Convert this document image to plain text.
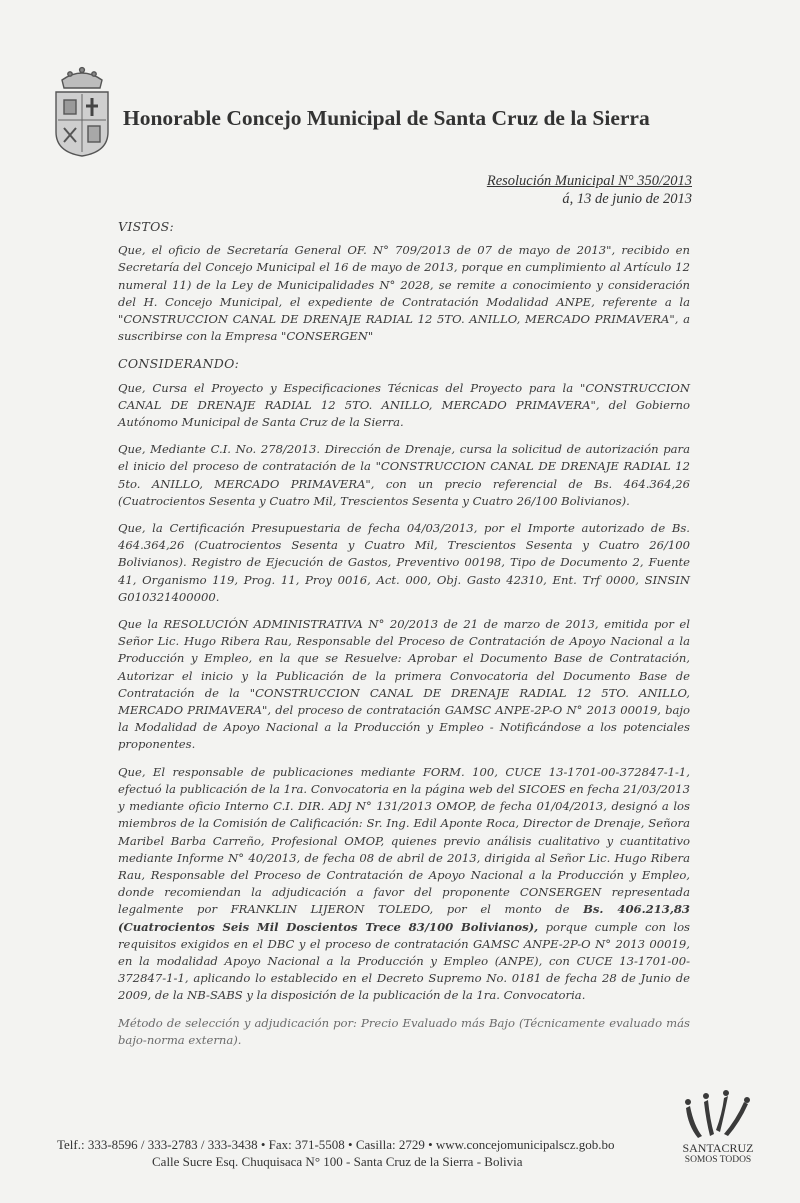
Honorable Concejo Municipal de Santa Cruz de la Sierra
Resolución Municipal N° 350/2013
á, 13 de junio de 2013
VISTOS:

Que, el oficio de Secretaría General OF. N° 709/2013 de 07 de mayo de 2013", recibido en Secretaría del Concejo Municipal el 16 de mayo de 2013, porque en cumplimiento al Artículo 12 numeral 11) de la Ley de Municipalidades N° 2028, se remite a conocimiento y consideración del H. Concejo Municipal, el expediente de Contratación Modalidad ANPE, referente a la "CONSTRUCCION CANAL DE DRENAJE RADIAL 12 5TO. ANILLO, MERCADO PRIMAVERA", a suscribirse con la Empresa "CONSERGEN"

CONSIDERANDO:

Que, Cursa el Proyecto y Especificaciones Técnicas del Proyecto para la "CONSTRUCCION CANAL DE DRENAJE RADIAL 12 5TO. ANILLO, MERCADO PRIMAVERA", del Gobierno Autónomo Municipal de Santa Cruz de la Sierra.

Que, Mediante C.I. No. 278/2013. Dirección de Drenaje, cursa la solicitud de autorización para el inicio del proceso de contratación de la "CONSTRUCCION CANAL DE DRENAJE RADIAL 12 5to. ANILLO, MERCADO PRIMAVERA", con un precio referencial de Bs. 464.364,26 (Cuatrocientos Sesenta y Cuatro Mil, Trescientos Sesenta y Cuatro 26/100 Bolivianos).

Que, la Certificación Presupuestaria de fecha 04/03/2013, por el Importe autorizado de Bs. 464.364,26 (Cuatrocientos Sesenta y Cuatro Mil, Trescientos Sesenta y Cuatro 26/100 Bolivianos). Registro de Ejecución de Gastos, Preventivo 00198, Tipo de Documento 2, Fuente 41, Organismo 119, Prog. 11, Proy 0016, Act. 000, Obj. Gasto 42310, Ent. Trf 0000, SINSIN G010321400000.

Que la RESOLUCIÓN ADMINISTRATIVA N° 20/2013 de 21 de marzo de 2013, emitida por el Señor Lic. Hugo Ribera Rau, Responsable del Proceso de Contratación de Apoyo Nacional a la Producción y Empleo, en la que se Resuelve: Aprobar el Documento Base de Contratación, Autorizar el inicio y la Publicación de la primera Convocatoria del Documento Base de Contratación de la "CONSTRUCCION CANAL DE DRENAJE RADIAL 12 5TO. ANILLO, MERCADO PRIMAVERA", del proceso de contratación GAMSC ANPE-2P-O N° 2013 00019, bajo la Modalidad de Apoyo Nacional a la Producción y Empleo - Notificándose a los potenciales proponentes.

Que, El responsable de publicaciones mediante FORM. 100, CUCE 13-1701-00-372847-1-1, efectuó la publicación de la 1ra. Convocatoria en la página web del SICOES en fecha 21/03/2013 y mediante oficio Interno C.I. DIR. ADJ N° 131/2013 OMOP, de fecha 01/04/2013, designó a los miembros de la Comisión de Calificación: Sr. Ing. Edil Aponte Roca, Director de Drenaje, Señora Maribel Barba Carreño, Profesional OMOP, quienes previo análisis cualitativo y cuantitativo mediante Informe N° 40/2013, de fecha 08 de abril de 2013, dirigida al Señor Lic. Hugo Ribera Rau, Responsable del Proceso de Contratación de Apoyo Nacional a la Producción y Empleo, donde recomiendan la adjudicación a favor del proponente CONSERGEN representada legalmente por FRANKLIN LIJERON TOLEDO, por el monto de Bs. 406.213,83 (Cuatrocientos Seis Mil Doscientos Trece 83/100 Bolivianos), porque cumple con los requisitos exigidos en el DBC y el proceso de contratación GAMSC ANPE-2P-O N° 2013 00019, en la modalidad Apoyo Nacional a la Producción y Empleo (ANPE), con CUCE 13-1701-00-372847-1-1, aplicando lo establecido en el Decreto Supremo No. 0181 de fecha 28 de Junio de 2009, de la NB-SABS y la disposición de la publicación de la 1ra. Convocatoria.

Método de selección y adjudicación por: Precio Evaluado más Bajo (Técnicamente evaluado más bajo-norma externa).

SANTACRUZ
SOMOS TODOS
Telf.: 333-8596 / 333-2783 / 333-3438 • Fax: 371-5508 • Casilla: 2729 • www.concejomunicipalscz.gob.bo
Calle Sucre Esq. Chuquisaca N° 100 - Santa Cruz de la Sierra - Bolivia
